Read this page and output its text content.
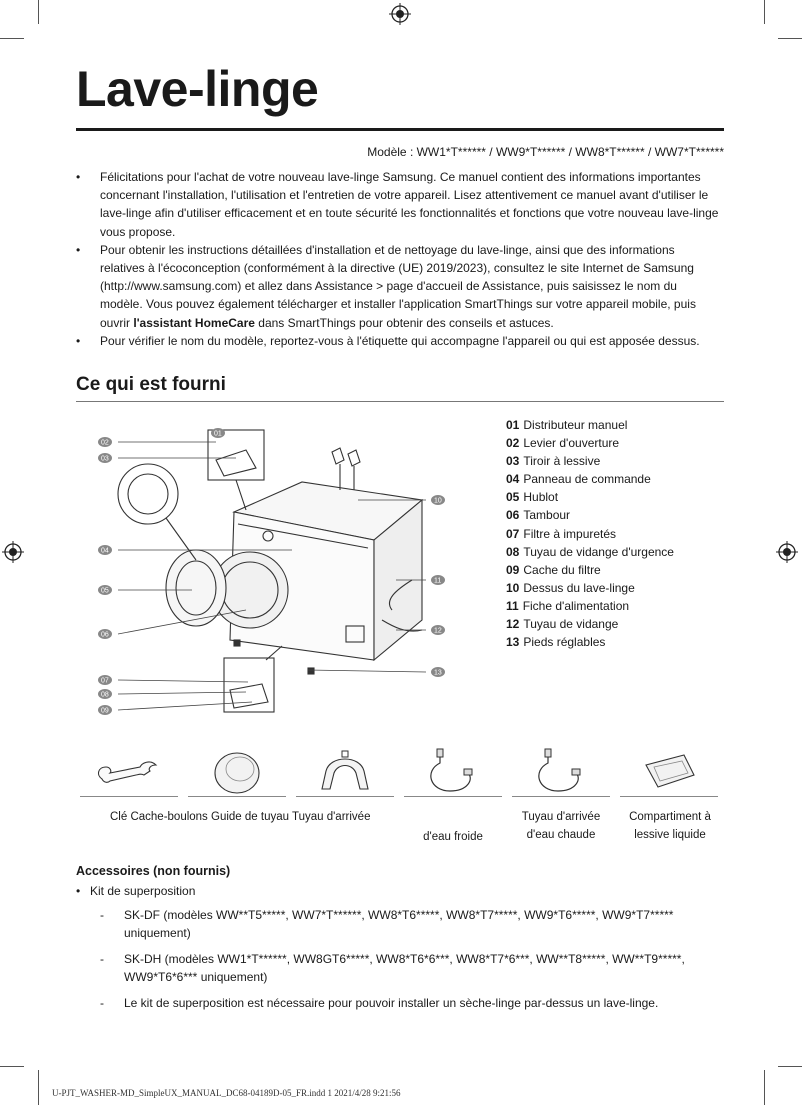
Lave-linge
Modèle : WW1*T****** / WW9*T****** / WW8*T****** / WW7*T******

• Félicitations pour l'achat de votre nouveau lave-linge Samsung. Ce manuel contient des informations importantes concernant l'installation, l'utilisation et l'entretien de votre appareil. Lisez attentivement ce manuel avant d'utiliser le lave-linge afin d'utiliser efficacement et en toute sécurité les fonctionnalités et fonctions que votre nouveau lave-linge vous propose.

• Pour obtenir les instructions détaillées d'installation et de nettoyage du lave-linge, ainsi que des informations relatives à l'écoconception (conformément à la directive (UE) 2019/2023), consultez le site Internet de Samsung (http://www.samsung.com) et allez dans Assistance > page d'accueil de Assistance, puis saisissez le nom du modèle. Vous pouvez également télécharger et installer l'application SmartThings sur votre appareil mobile, puis ouvrir l'assistant HomeCare dans SmartThings pour obtenir des conseils et astuces.

• Pour vérifier le nom du modèle, reportez-vous à l'étiquette qui accompagne l'appareil ou qui est apposée dessus.

Ce qui est fourni
01
02
03
04
05
06
07
08
09
10
11
12
13
01 Distributeur manuel
02 Levier d'ouverture
03 Tiroir à lessive
04 Panneau de commande
05 Hublot
06 Tambour
07 Filtre à impuretés
08 Tuyau de vidange d'urgence
09 Cache du filtre
10 Dessus du lave-linge
11 Fiche d'alimentation
12 Tuyau de vidange
13 Pieds réglables
Clé Cache-boulons Guide de tuyau Tuyau d'arrivée
d'eau froide
Tuyau d'arrivée
d'eau chaude
Compartiment à
lessive liquide
Accessoires (non fournis)
• Kit de superposition
- SK-DF (modèles WW**T5*****, WW7*T******, WW8*T6*****, WW8*T7*****, WW9*T6*****, WW9*T7***** uniquement)
- SK-DH (modèles WW1*T******, WW8GT6*****, WW8*T6*6***, WW8*T7*6***, WW**T8*****, WW**T9*****, WW9*T6*6*** uniquement)
- Le kit de superposition est nécessaire pour pouvoir installer un sèche-linge par-dessus un lave-linge.
U-PJT_WASHER-MD_SimpleUX_MANUAL_DC68-04189D-05_FR.indd 1 2021/4/28 9:21:56
